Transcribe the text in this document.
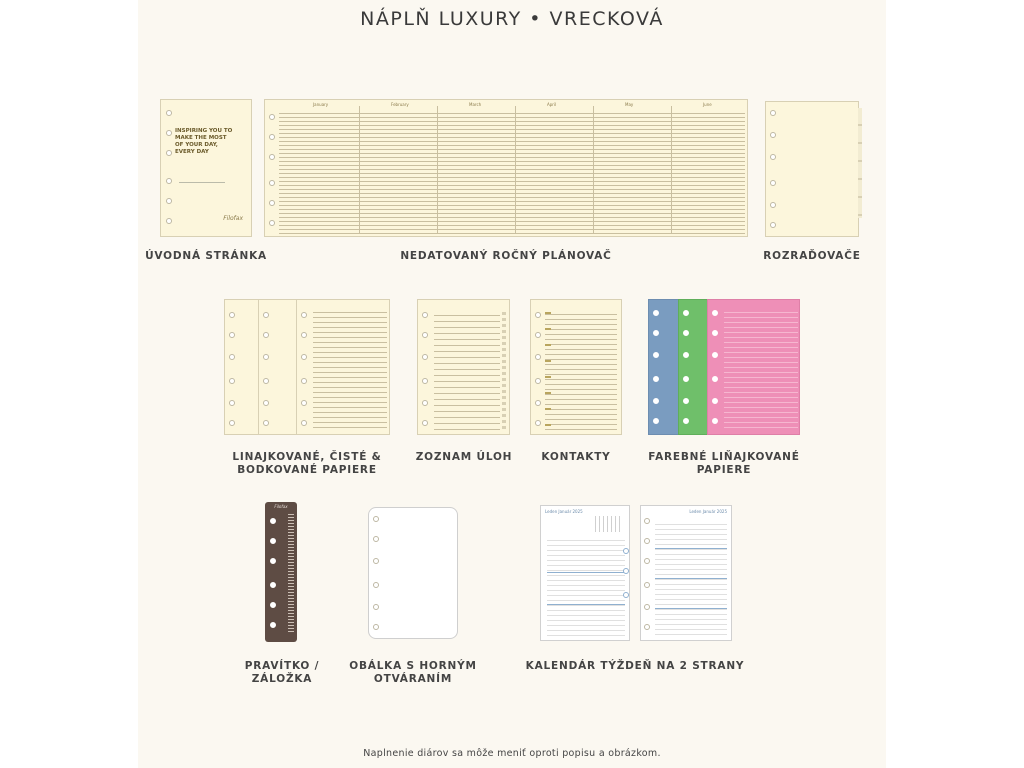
NÁPLŇ LUXURY • VRECKOVÁ
INSPIRING YOU TO MAKE THE MOST OF YOUR DAY, EVERY DAY
Filofax
ÚVODNÁ STRÁNKA
January	February	March	April	May	June
NEDATOVANÝ ROČNÝ PLÁNOVAČ	ROZRAĎOVAČE
LINAJKOVANÉ, ČISTÉ &
BODKOVANÉ PAPIERE
ZOZNAM ÚLOH	KONTAKTY	FAREBNÉ LIŇAJKOVANÉ
PAPIERE
Filofax
PRAVÍTKO /
ZÁLOŽKA
OBÁLKA S HORNÝM
OTVÁRANÍM
Leden Január 2025	Leden Január 2025
KALENDÁR TÝŽDEŇ NA 2 STRANY
Naplnenie diárov sa môže meniť oproti popisu a obrázkom.
